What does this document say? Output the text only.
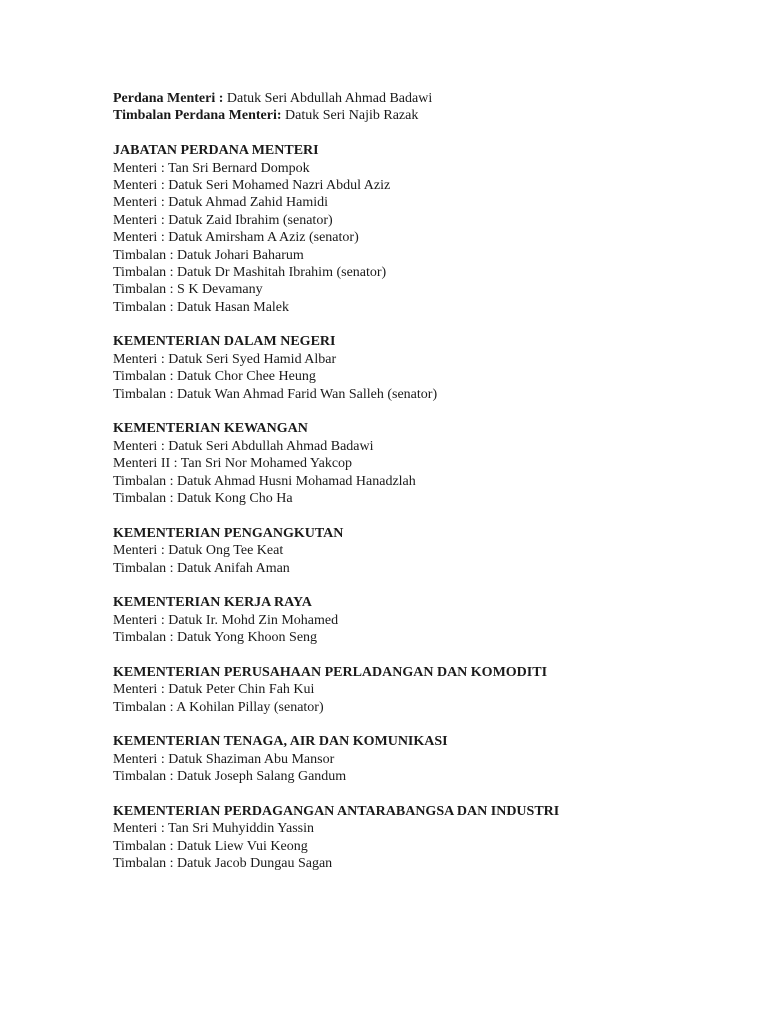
Perdana Menteri : Datuk Seri Abdullah Ahmad Badawi
Timbalan Perdana Menteri: Datuk Seri Najib Razak
JABATAN PERDANA MENTERI
Menteri : Tan Sri Bernard Dompok
Menteri : Datuk Seri Mohamed Nazri Abdul Aziz
Menteri : Datuk Ahmad Zahid Hamidi
Menteri : Datuk Zaid Ibrahim (senator)
Menteri : Datuk Amirsham A Aziz (senator)
Timbalan : Datuk Johari Baharum
Timbalan : Datuk Dr Mashitah Ibrahim (senator)
Timbalan : S K Devamany
Timbalan : Datuk Hasan Malek
KEMENTERIAN DALAM NEGERI
Menteri : Datuk Seri Syed Hamid Albar
Timbalan : Datuk Chor Chee Heung
Timbalan : Datuk Wan Ahmad Farid Wan Salleh (senator)
KEMENTERIAN KEWANGAN
Menteri : Datuk Seri Abdullah Ahmad Badawi
Menteri II : Tan Sri Nor Mohamed Yakcop
Timbalan : Datuk Ahmad Husni Mohamad Hanadzlah
Timbalan : Datuk Kong Cho Ha
KEMENTERIAN PENGANGKUTAN
Menteri : Datuk Ong Tee Keat
Timbalan : Datuk Anifah Aman
KEMENTERIAN KERJA RAYA
Menteri : Datuk Ir. Mohd Zin Mohamed
Timbalan : Datuk Yong Khoon Seng
KEMENTERIAN PERUSAHAAN PERLADANGAN DAN KOMODITI
Menteri : Datuk Peter Chin Fah Kui
Timbalan : A Kohilan Pillay (senator)
KEMENTERIAN TENAGA, AIR DAN KOMUNIKASI
Menteri : Datuk Shaziman Abu Mansor
Timbalan : Datuk Joseph Salang Gandum
KEMENTERIAN PERDAGANGAN ANTARABANGSA DAN INDUSTRI
Menteri : Tan Sri Muhyiddin Yassin
Timbalan : Datuk Liew Vui Keong
Timbalan : Datuk Jacob Dungau Sagan
